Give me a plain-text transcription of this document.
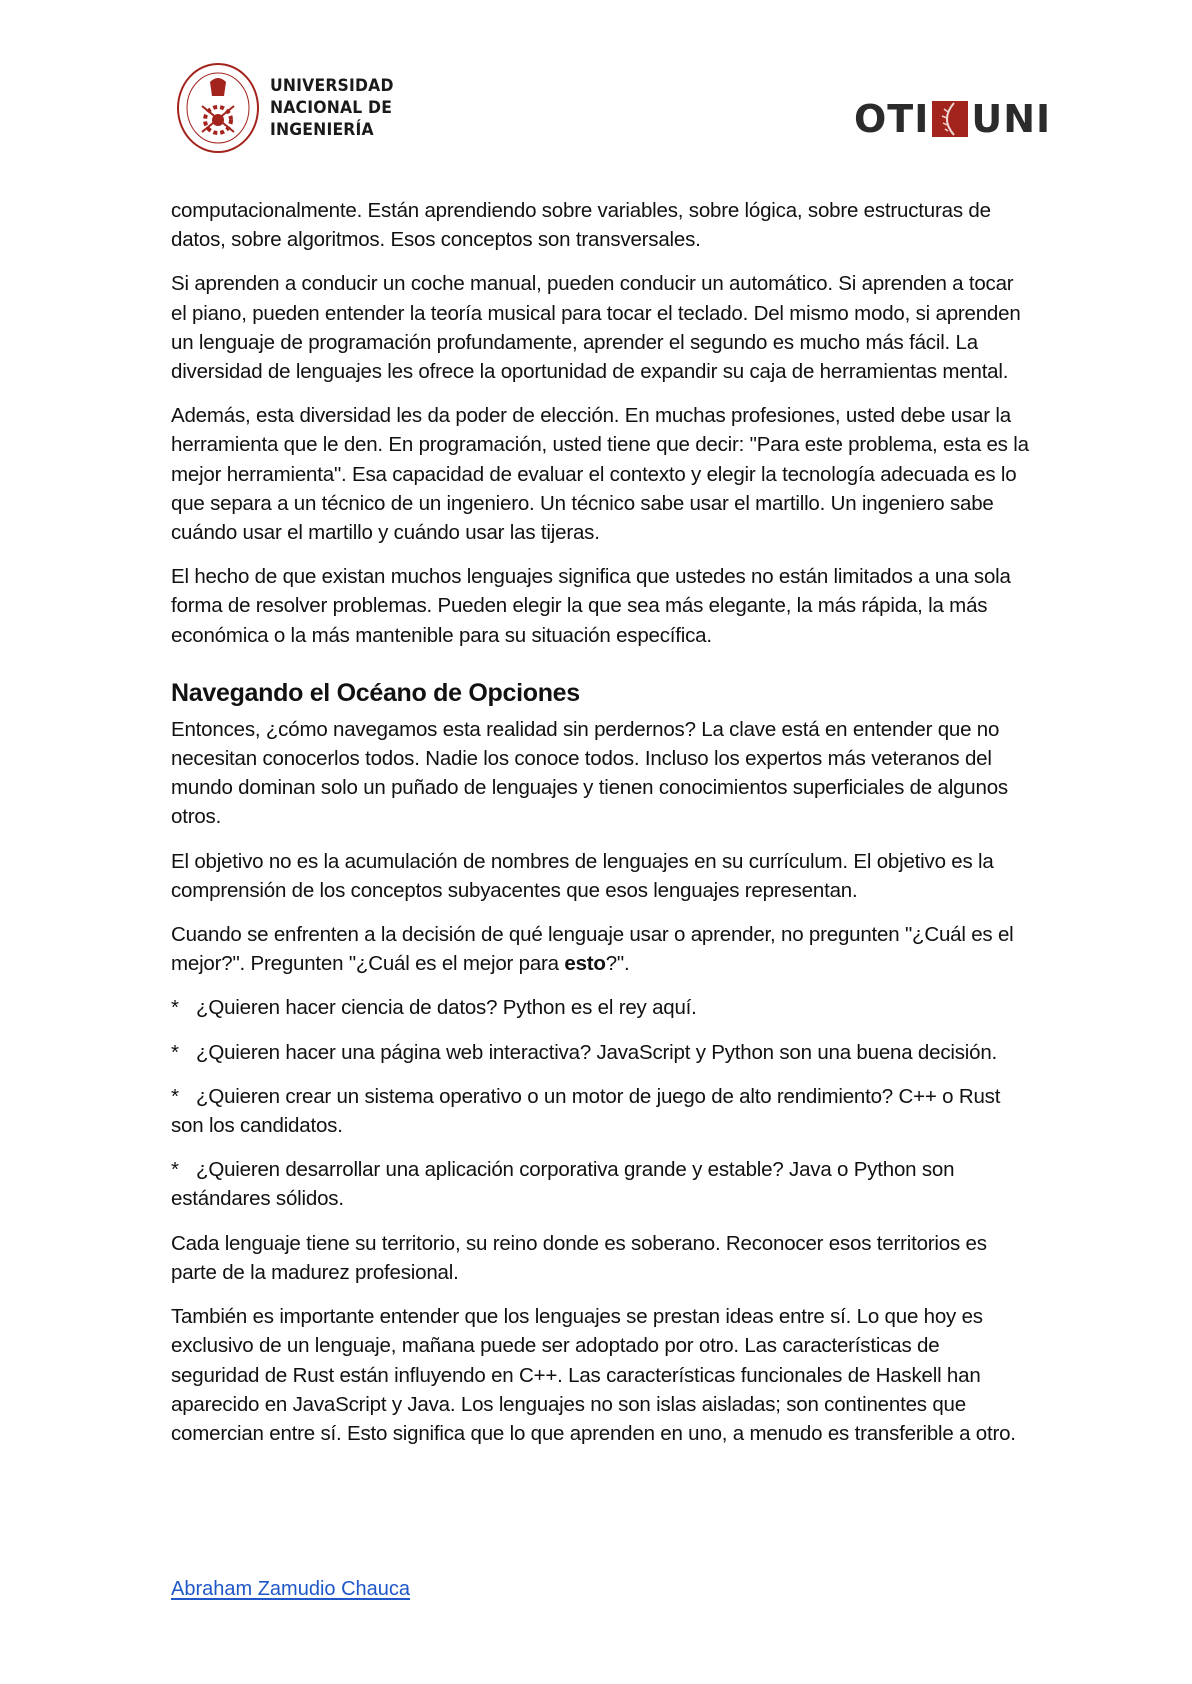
UNIVERSIDAD
NACIONAL DE
INGENIERÍA	OTI UNI

computacionalmente. Están aprendiendo sobre variables, sobre lógica, sobre estructuras de datos, sobre algoritmos. Esos conceptos son transversales.

Si aprenden a conducir un coche manual, pueden conducir un automático. Si aprenden a tocar el piano, pueden entender la teoría musical para tocar el teclado. Del mismo modo, si aprenden un lenguaje de programación profundamente, aprender el segundo es mucho más fácil. La diversidad de lenguajes les ofrece la oportunidad de expandir su caja de herramientas mental.

Además, esta diversidad les da poder de elección. En muchas profesiones, usted debe usar la herramienta que le den. En programación, usted tiene que decir: "Para este problema, esta es la mejor herramienta". Esa capacidad de evaluar el contexto y elegir la tecnología adecuada es lo que separa a un técnico de un ingeniero. Un técnico sabe usar el martillo. Un ingeniero sabe cuándo usar el martillo y cuándo usar las tijeras.

El hecho de que existan muchos lenguajes significa que ustedes no están limitados a una sola forma de resolver problemas. Pueden elegir la que sea más elegante, la más rápida, la más económica o la más mantenible para su situación específica.

Navegando el Océano de Opciones

Entonces, ¿cómo navegamos esta realidad sin perdernos? La clave está en entender que no necesitan conocerlos todos. Nadie los conoce todos. Incluso los expertos más veteranos del mundo dominan solo un puñado de lenguajes y tienen conocimientos superficiales de algunos otros.

El objetivo no es la acumulación de nombres de lenguajes en su currículum. El objetivo es la comprensión de los conceptos subyacentes que esos lenguajes representan.

Cuando se enfrenten a la decisión de qué lenguaje usar o aprender, no pregunten "¿Cuál es el mejor?". Pregunten "¿Cuál es el mejor para esto?".

* ¿Quieren hacer ciencia de datos? Python es el rey aquí.

* ¿Quieren hacer una página web interactiva? JavaScript y Python son una buena decisión.

* ¿Quieren crear un sistema operativo o un motor de juego de alto rendimiento? C++ o Rust son los candidatos.

* ¿Quieren desarrollar una aplicación corporativa grande y estable? Java o Python son estándares sólidos.

Cada lenguaje tiene su territorio, su reino donde es soberano. Reconocer esos territorios es parte de la madurez profesional.

También es importante entender que los lenguajes se prestan ideas entre sí. Lo que hoy es exclusivo de un lenguaje, mañana puede ser adoptado por otro. Las características de seguridad de Rust están influyendo en C++. Las características funcionales de Haskell han aparecido en JavaScript y Java. Los lenguajes no son islas aisladas; son continentes que comercian entre sí. Esto significa que lo que aprenden en uno, a menudo es transferible a otro.

Abraham Zamudio Chauca
